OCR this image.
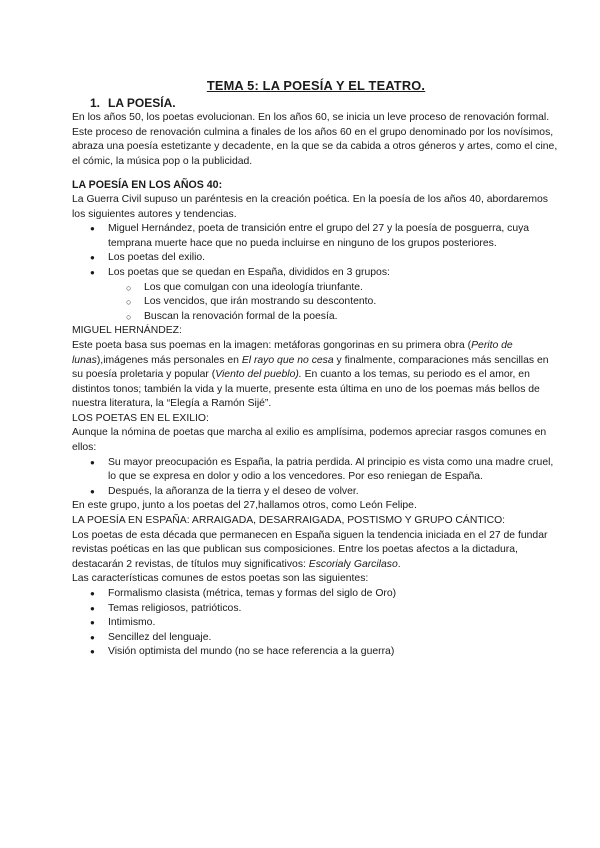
TEMA 5: LA POESÍA Y EL TEATRO.
1. LA POESÍA.

En los años 50, los poetas evolucionan. En los años 60, se inicia un leve proceso de renovación formal. Este proceso de renovación culmina a finales de los años 60 en el grupo denominado por los novísimos, abraza una poesía estetizante y decadente, en la que se da cabida a otros géneros y artes, como el cine, el cómic, la música pop o la publicidad.

LA POESÍA EN LOS AÑOS 40:

La Guerra Civil supuso un paréntesis en la creación poética. En la poesía de los años 40, abordaremos los siguientes autores y tendencias.

● Miguel Hernández, poeta de transición entre el grupo del 27 y la poesía de posguerra, cuya temprana muerte hace que no pueda incluirse en ninguno de los grupos posteriores.
● Los poetas del exilio.
● Los poetas que se quedan en España, divididos en 3 grupos:
○ Los que comulgan con una ideología triunfante.
○ Los vencidos, que irán mostrando su descontento.
○ Buscan la renovación formal de la poesía.

MIGUEL HERNÁNDEZ:

Este poeta basa sus poemas en la imagen: metáforas gongorinas en su primera obra (Perito de lunas),imágenes más personales en El rayo que no cesa y finalmente, comparaciones más sencillas en su poesía proletaria y popular (Viento del pueblo). En cuanto a los temas, su periodo es el amor, en distintos tonos; también la vida y la muerte, presente esta última en uno de los poemas más bellos de nuestra literatura, la “Elegía a Ramón Sijé”.

LOS POETAS EN EL EXILIO:

Aunque la nómina de poetas que marcha al exilio es amplísima, podemos apreciar rasgos comunes en ellos:

● Su mayor preocupación es España, la patria perdida. Al principio es vista como una madre cruel, lo que se expresa en dolor y odio a los vencedores. Por eso reniegan de España.
● Después, la añoranza de la tierra y el deseo de volver.

En este grupo, junto a los poetas del 27,hallamos otros, como León Felipe.

LA POESÍA EN ESPAÑA: ARRAIGADA, DESARRAIGADA, POSTISMO Y GRUPO CÁNTICO:

Los poetas de esta década que permanecen en España siguen la tendencia iniciada en el 27 de fundar revistas poéticas en las que publican sus composiciones. Entre los poetas afectos a la dictadura, destacarán 2 revistas, de títulos muy significativos: Escorialy Garcilaso.

Las características comunes de estos poetas son las siguientes:

● Formalismo clasista (métrica, temas y formas del siglo de Oro)
● Temas religiosos, patrióticos.
● Intimismo.
● Sencillez del lenguaje.
● Visión optimista del mundo (no se hace referencia a la guerra)
